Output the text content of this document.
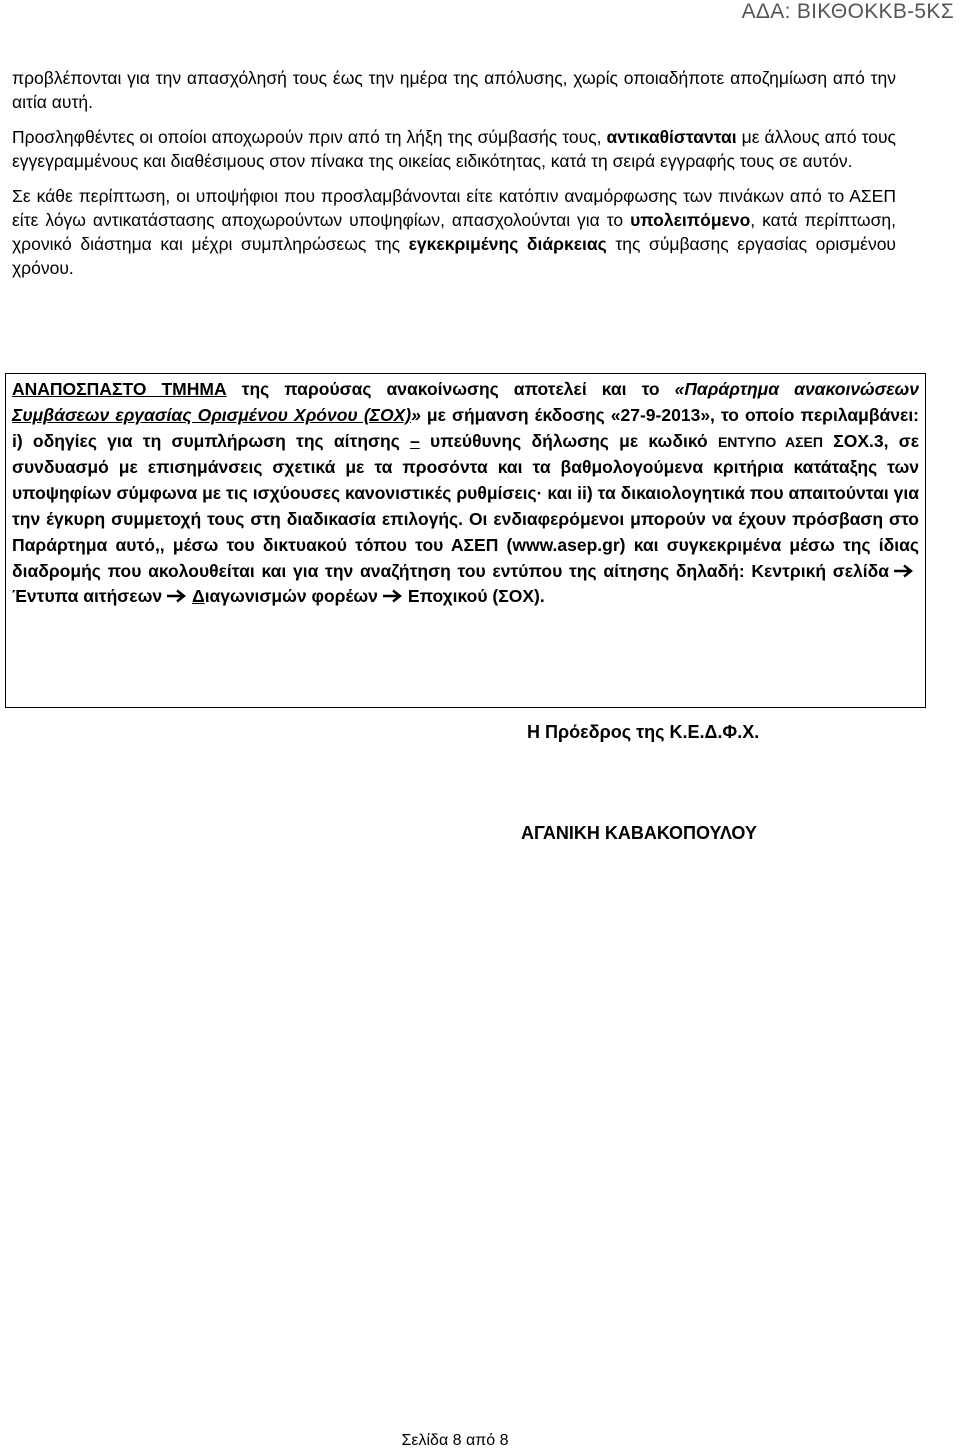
ΑΔΑ: ΒΙΚΘΟΚΚΒ-5ΚΣ

προβλέπονται για την απασχόλησή τους έως την ημέρα της απόλυσης, χωρίς οποιαδήποτε αποζημίωση από την αιτία αυτή.

Προσληφθέντες οι οποίοι αποχωρούν πριν από τη λήξη της σύμβασής τους, αντικαθίστανται με άλλους από τους εγγεγραμμένους και διαθέσιμους στον πίνακα της οικείας ειδικότητας, κατά τη σειρά εγγραφής τους σε αυτόν.

Σε κάθε περίπτωση, οι υποψήφιοι που προσλαμβάνονται είτε κατόπιν αναμόρφωσης των πινάκων από το ΑΣΕΠ είτε λόγω αντικατάστασης αποχωρούντων υποψηφίων, απασχολούνται για το υπολειπόμενο, κατά περίπτωση, χρονικό διάστημα και μέχρι συμπληρώσεως της εγκεκριμένης διάρκειας της σύμβασης εργασίας ορισμένου χρόνου.

ΑΝΑΠΟΣΠΑΣΤΟ ΤΜΗΜΑ της παρούσας ανακοίνωσης αποτελεί και το «Παράρτημα ανακοινώσεων Συμβάσεων εργασίας Ορισμένου Χρόνου (ΣΟΧ)» με σήμανση έκδοσης «27-9-2013», το οποίο περιλαμβάνει: i) οδηγίες για τη συμπλήρωση της αίτησης – υπεύθυνης δήλωσης με κωδικό ΕΝΤΥΠΟ ΑΣΕΠ ΣΟΧ.3, σε συνδυασμό με επισημάνσεις σχετικά με τα προσόντα και τα βαθμολογούμενα κριτήρια κατάταξης των υποψηφίων σύμφωνα με τις ισχύουσες κανονιστικές ρυθμίσεις· και ii) τα δικαιολογητικά που απαιτούνται για την έγκυρη συμμετοχή τους στη διαδικασία επιλογής. Οι ενδιαφερόμενοι μπορούν να έχουν πρόσβαση στο Παράρτημα αυτό,, μέσω του δικτυακού τόπου του ΑΣΕΠ (www.asep.gr) και συγκεκριμένα μέσω της ίδιας διαδρομής που ακολουθείται και για την αναζήτηση του εντύπου της αίτησης δηλαδή: Κεντρική σελίδαΈντυπα αιτήσεων Διαγωνισμών φορέων Εποχικού (ΣΟΧ).

Η Πρόεδρος της Κ.Ε.Δ.Φ.Χ.
ΑΓΑΝΙΚΗ ΚΑΒΑΚΟΠΟΥΛΟΥ
Σελίδα 8 από 8
